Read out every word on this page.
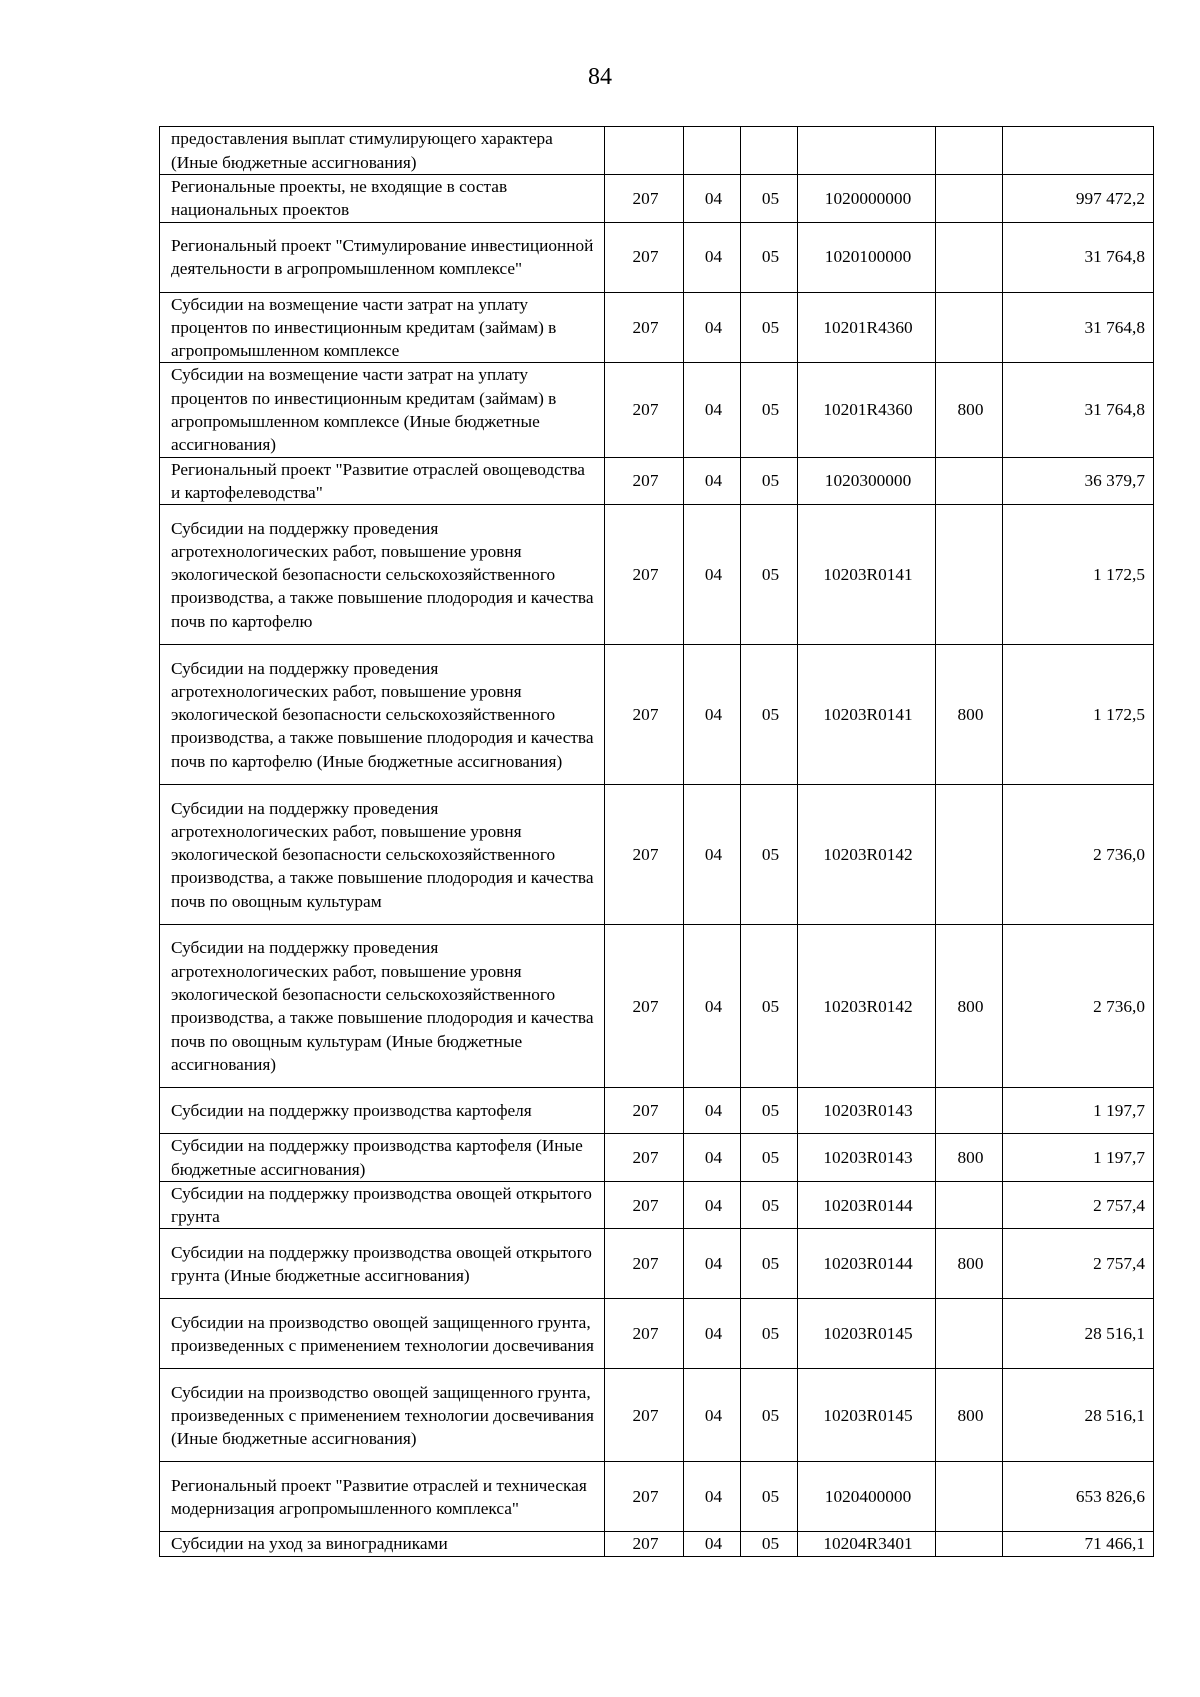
84
предоставления выплат стимулирующего характера (Иные бюджетные ассигнования)						
Региональные проекты, не входящие в состав национальных проектов	207	04	05	1020000000		997 472,2
Региональный проект "Стимулирование инвестиционной деятельности в агропромышленном комплексе"	207	04	05	1020100000		31 764,8
Субсидии на возмещение части затрат на уплату процентов по инвестиционным кредитам (займам) в агропромышленном комплексе	207	04	05	10201R4360		31 764,8
Субсидии на возмещение части затрат на уплату процентов по инвестиционным кредитам (займам) в агропромышленном комплексе (Иные бюджетные ассигнования)	207	04	05	10201R4360	800	31 764,8
Региональный проект "Развитие отраслей овощеводства и картофелеводства"	207	04	05	1020300000		36 379,7
Субсидии на поддержку проведения агротехнологических работ, повышение уровня экологической безопасности сельскохозяйственного производства, а также повышение плодородия и качества почв по картофелю	207	04	05	10203R0141		1 172,5
Субсидии на поддержку проведения агротехнологических работ, повышение уровня экологической безопасности сельскохозяйственного производства, а также повышение плодородия и качества почв по картофелю (Иные бюджетные ассигнования)	207	04	05	10203R0141	800	1 172,5
Субсидии на поддержку проведения агротехнологических работ, повышение уровня экологической безопасности сельскохозяйственного производства, а также повышение плодородия и качества почв по овощным культурам	207	04	05	10203R0142		2 736,0
Субсидии на поддержку проведения агротехнологических работ, повышение уровня экологической безопасности сельскохозяйственного производства, а также повышение плодородия и качества почв по овощным культурам (Иные бюджетные ассигнования)	207	04	05	10203R0142	800	2 736,0
Субсидии на поддержку производства картофеля	207	04	05	10203R0143		1 197,7
Субсидии на поддержку производства картофеля (Иные бюджетные ассигнования)	207	04	05	10203R0143	800	1 197,7
Субсидии на поддержку производства овощей открытого грунта	207	04	05	10203R0144		2 757,4
Субсидии на поддержку производства овощей открытого грунта (Иные бюджетные ассигнования)	207	04	05	10203R0144	800	2 757,4
Субсидии на производство овощей защищенного грунта, произведенных с применением технологии досвечивания	207	04	05	10203R0145		28 516,1
Субсидии на производство овощей защищенного грунта, произведенных с применением технологии досвечивания (Иные бюджетные ассигнования)	207	04	05	10203R0145	800	28 516,1
Региональный проект "Развитие отраслей и техническая модернизация агропромышленного комплекса"	207	04	05	1020400000		653 826,6
Субсидии на уход за виноградниками	207	04	05	10204R3401		71 466,1
